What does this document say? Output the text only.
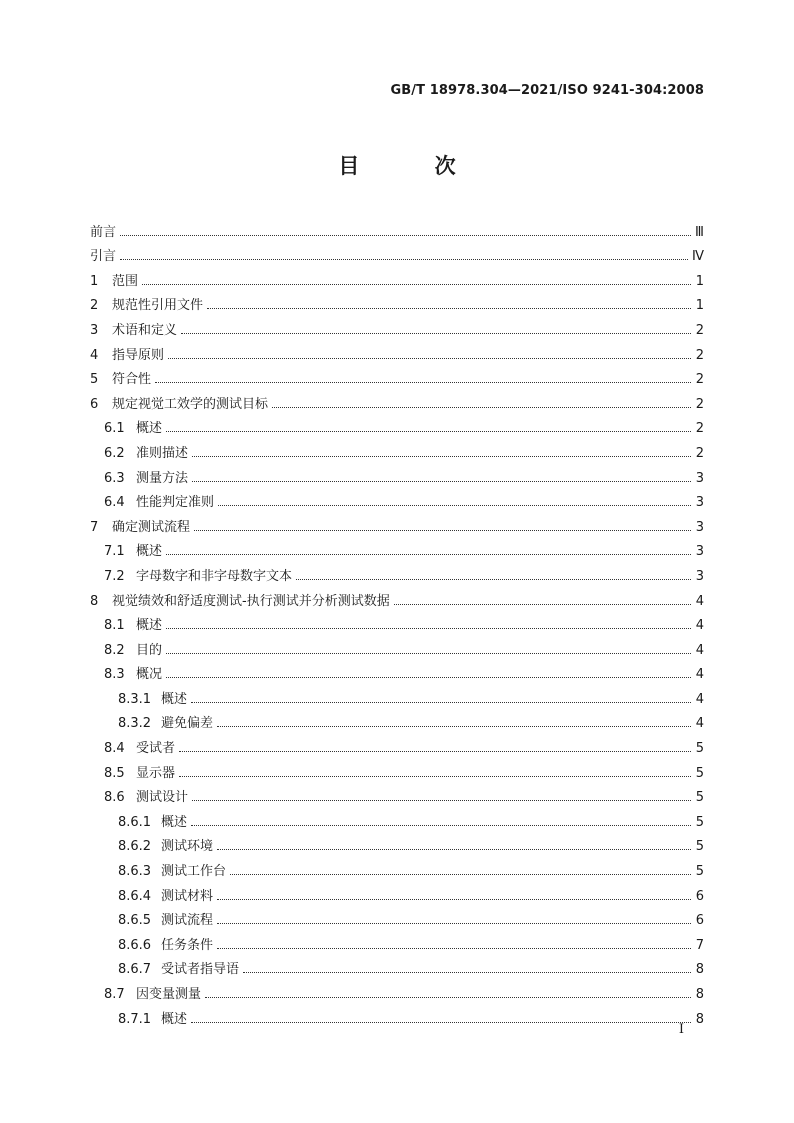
GB/T 18978.304—2021/ISO 9241-304:2008
目 次
前言	Ⅲ
引言	Ⅳ
1	范围	1
2	规范性引用文件	1
3	术语和定义	2
4	指导原则	2
5	符合性	2
6	规定视觉工效学的测试目标	2
6.1 概述	2
6.2 准则描述	2
6.3 测量方法	3
6.4 性能判定准则	3
7	确定测试流程	3
7.1 概述	3
7.2 字母数字和非字母数字文本	3
8	视觉绩效和舒适度测试-执行测试并分析测试数据	4
8.1 概述	4
8.2 目的	4
8.3 概况	4
8.3.1 概述	4
8.3.2 避免偏差	4
8.4 受试者	5
8.5 显示器	5
8.6 测试设计	5
8.6.1 概述	5
8.6.2 测试环境	5
8.6.3 测试工作台	5
8.6.4 测试材料	6
8.6.5 测试流程	6
8.6.6 任务条件	7
8.6.7 受试者指导语	8
8.7 因变量测量	8
8.7.1 概述	8
I
